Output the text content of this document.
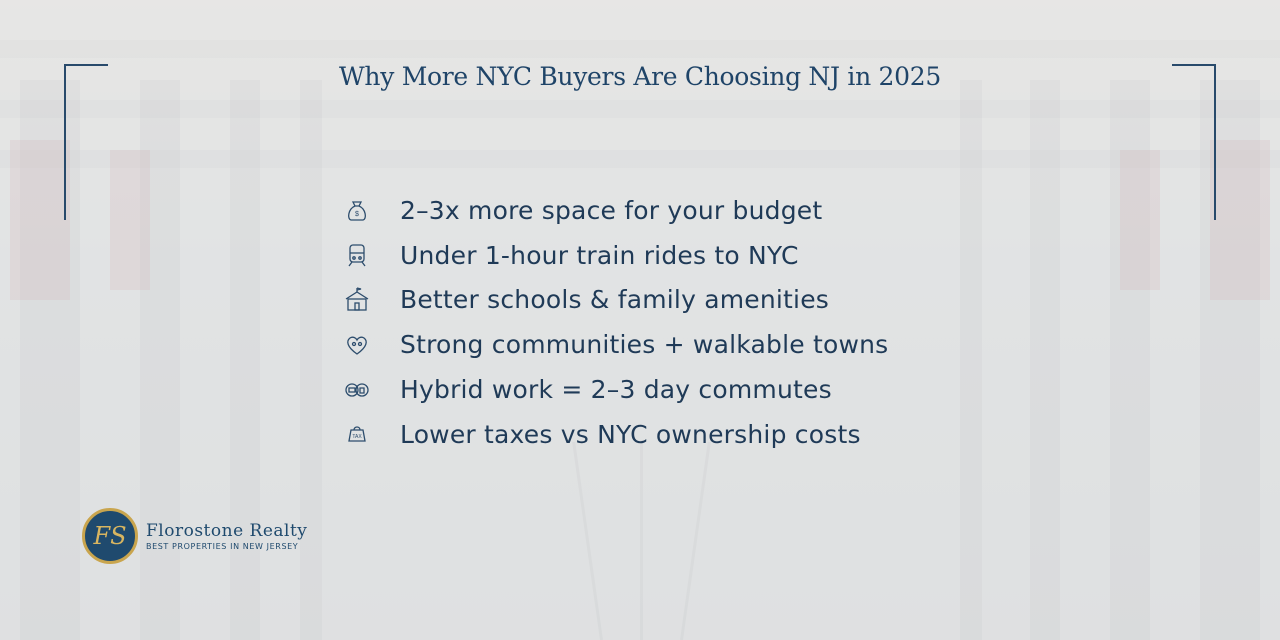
Why More NYC Buyers Are Choosing NJ in 2025
$ 2–3x more space for your budget
Under 1-hour train rides to NYC
Better schools & family amenities
Strong communities + walkable towns
Hybrid work = 2–3 day commutes
TAX Lower taxes vs NYC ownership costs
FS Florostone Realty
BEST PROPERTIES IN NEW JERSEY
